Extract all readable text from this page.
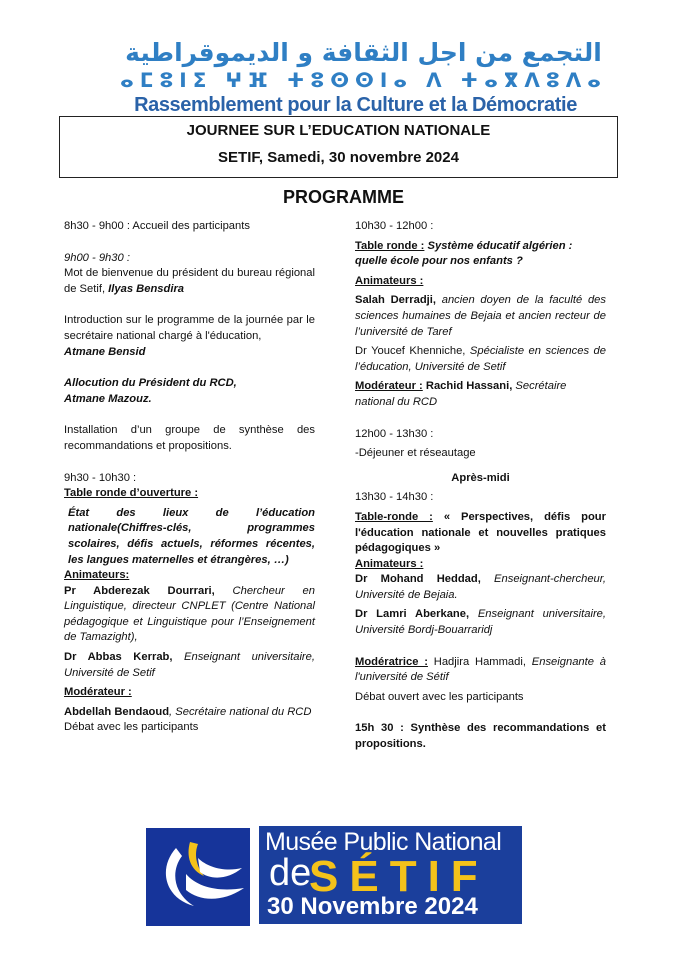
التجمع من اجل الثقافة و الديموقراطية
ⴰⵎⵓⵏⵉ ⵖⴼ ⵜⵓⵙⵙⵏⴰ ⴷ ⵜⴰⴳⴷⵓⴷⴰ
Rassemblement pour la Culture et la Démocratie
JOURNEE SUR L’EDUCATION NATIONALE
SETIF, Samedi, 30 novembre 2024
PROGRAMME

8h30 - 9h00 : Accueil des participants

9h00 - 9h30 :

Mot de bienvenue du président du bureau régional de Setif, Ilyas Bensdira

Introduction sur le programme de la journée par le secrétaire national chargé à l'éducation,

Atmane Bensid

Allocution du Président du RCD,

Atmane Mazouz.

Installation d’un groupe de synthèse des recommandations et propositions.

9h30 - 10h30 :

Table ronde d’ouverture :

État des lieux de l’éducation nationale(Chiffres-clés, programmes scolaires, défis actuels, réformes récentes, les langues maternelles et étrangères, …)

Animateurs:

Pr Abderezak Dourrari, Chercheur en Linguistique, directeur CNPLET (Centre National pédagogique et Linguistique pour l’Enseignement de Tamazight),

Dr Abbas Kerrab, Enseignant universitaire, Université de Setif

Modérateur :

Abdellah Bendaoud, Secrétaire national du RCD

Débat avec les participants

10h30 - 12h00 :

Table ronde : Système éducatif algérien : quelle école pour nos enfants ?

Animateurs :

Salah Derradji, ancien doyen de la faculté des sciences humaines de Bejaia et ancien recteur de l’université de Taref

Dr Youcef Khenniche, Spécialiste en sciences de l’éducation, Université de Setif

Modérateur : Rachid Hassani, Secrétaire national du RCD

12h00 - 13h30 :

-Déjeuner et réseautage

Après-midi

13h30 - 14h30 :

Table-ronde : « Perspectives, défis pour l'éducation nationale et nouvelles pratiques pédagogiques »

Animateurs :

Dr Mohand Heddad, Enseignant-chercheur, Université de Bejaia.

Dr Lamri Aberkane, Enseignant universitaire, Université Bordj-Bouarraridj

Modératrice : Hadjira Hammadi, Enseignante à l'université de Sétif

Débat ouvert avec les participants

15h 30 : Synthèse des recommandations et propositions.

Musée Public National
de
SÉTIF
30 Novembre 2024
